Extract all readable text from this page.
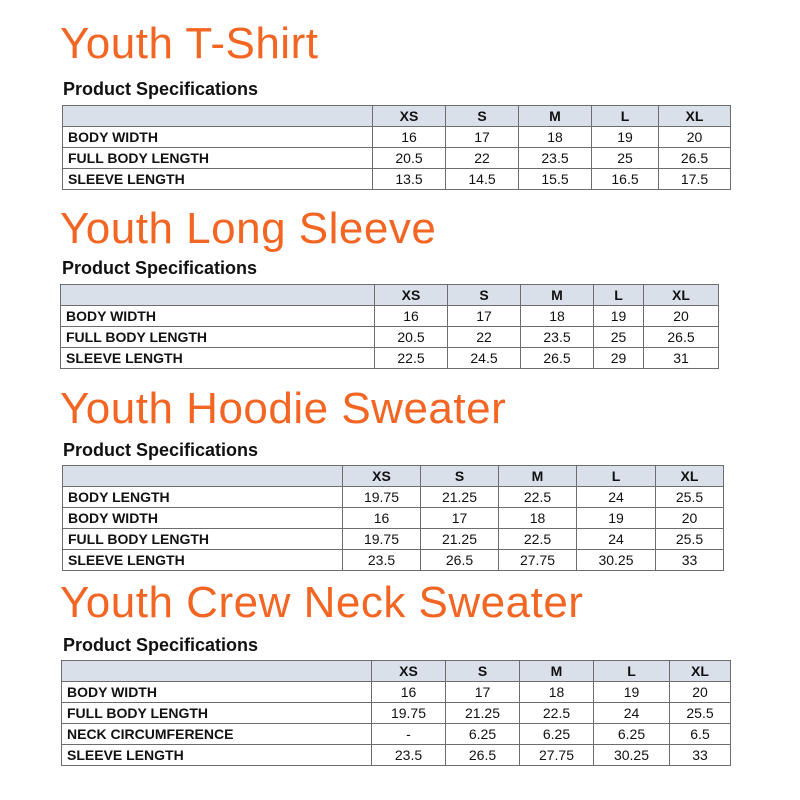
Youth T-Shirt
Product Specifications
	XS	S	M	L	XL
BODY WIDTH	16	17	18	19	20
FULL BODY LENGTH	20.5	22	23.5	25	26.5
SLEEVE LENGTH	13.5	14.5	15.5	16.5	17.5
Youth Long Sleeve
Product Specifications
	XS	S	M	L	XL
BODY WIDTH	16	17	18	19	20
FULL BODY LENGTH	20.5	22	23.5	25	26.5
SLEEVE LENGTH	22.5	24.5	26.5	29	31
Youth Hoodie Sweater
Product Specifications
	XS	S	M	L	XL
BODY LENGTH	19.75	21.25	22.5	24	25.5
BODY WIDTH	16	17	18	19	20
FULL BODY LENGTH	19.75	21.25	22.5	24	25.5
SLEEVE LENGTH	23.5	26.5	27.75	30.25	33
Youth Crew Neck Sweater
Product Specifications
	XS	S	M	L	XL
BODY WIDTH	16	17	18	19	20
FULL BODY LENGTH	19.75	21.25	22.5	24	25.5
NECK CIRCUMFERENCE	-	6.25	6.25	6.25	6.5
SLEEVE LENGTH	23.5	26.5	27.75	30.25	33
